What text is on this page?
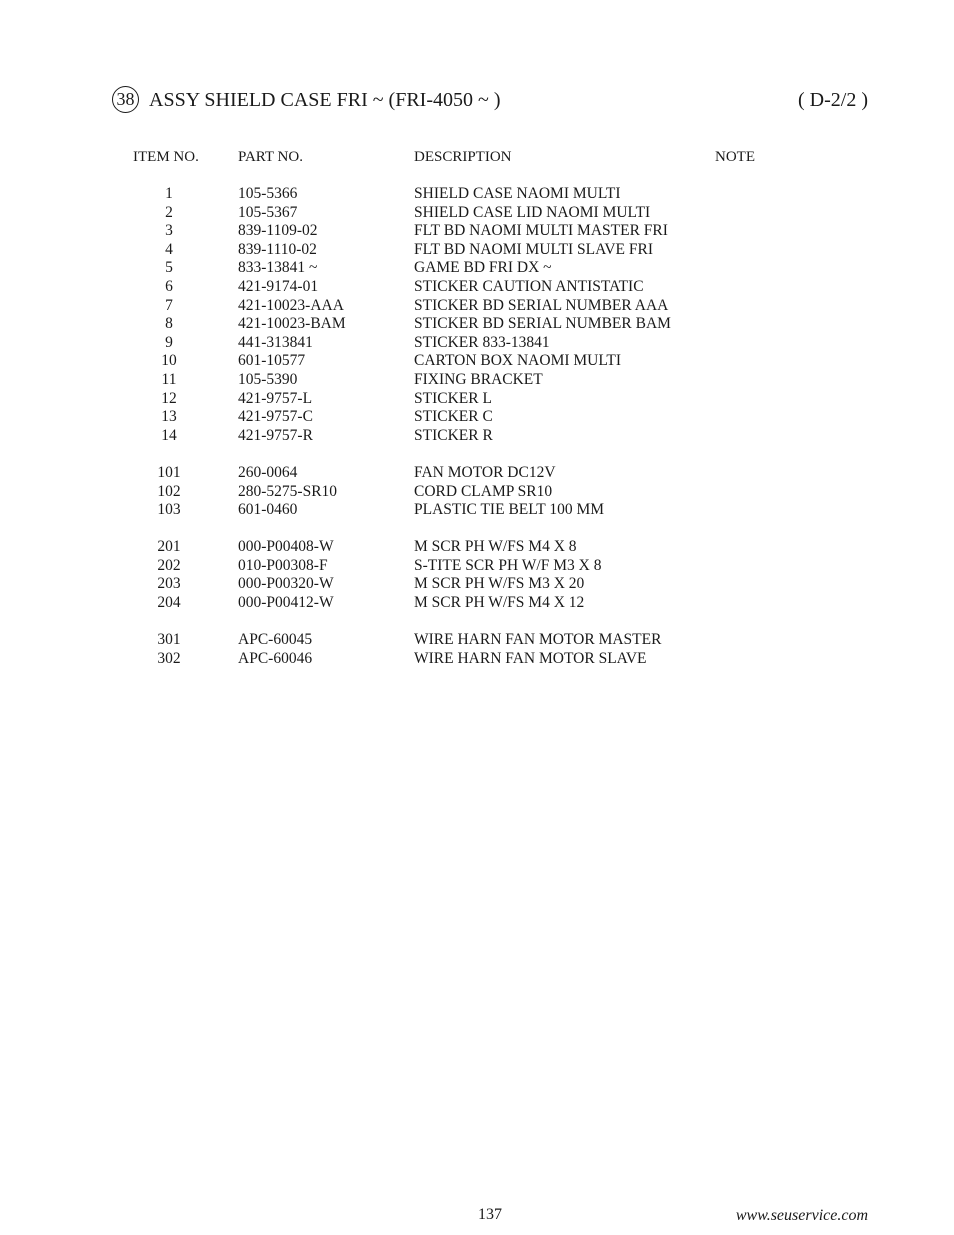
38 ASSY SHIELD CASE FRI ~ (FRI-4050 ~ )	( D-2/2 )
ITEM NO.	PART NO.	DESCRIPTION	NOTE
1	105-5366	SHIELD CASE NAOMI MULTI
2	105-5367	SHIELD CASE LID NAOMI MULTI
3	839-1109-02	FLT BD NAOMI MULTI MASTER FRI
4	839-1110-02	FLT BD NAOMI MULTI SLAVE FRI
5	833-13841 ~	GAME BD FRI DX ~
6	421-9174-01	STICKER CAUTION ANTISTATIC
7	421-10023-AAA	STICKER BD SERIAL NUMBER AAA
8	421-10023-BAM	STICKER BD SERIAL NUMBER BAM
9	441-313841	STICKER 833-13841
10	601-10577	CARTON BOX NAOMI MULTI
11	105-5390	FIXING BRACKET
12	421-9757-L	STICKER L
13	421-9757-C	STICKER C
14	421-9757-R	STICKER R
101	260-0064	FAN MOTOR DC12V
102	280-5275-SR10	CORD CLAMP SR10
103	601-0460	PLASTIC TIE BELT 100 MM
201	000-P00408-W	M SCR PH W/FS M4 X 8
202	010-P00308-F	S-TITE SCR PH W/F M3 X 8
203	000-P00320-W	M SCR PH W/FS M3 X 20
204	000-P00412-W	M SCR PH W/FS M4 X 12
301	APC-60045	WIRE HARN FAN MOTOR MASTER
302	APC-60046	WIRE HARN FAN MOTOR SLAVE
137	www.seuservice.com
